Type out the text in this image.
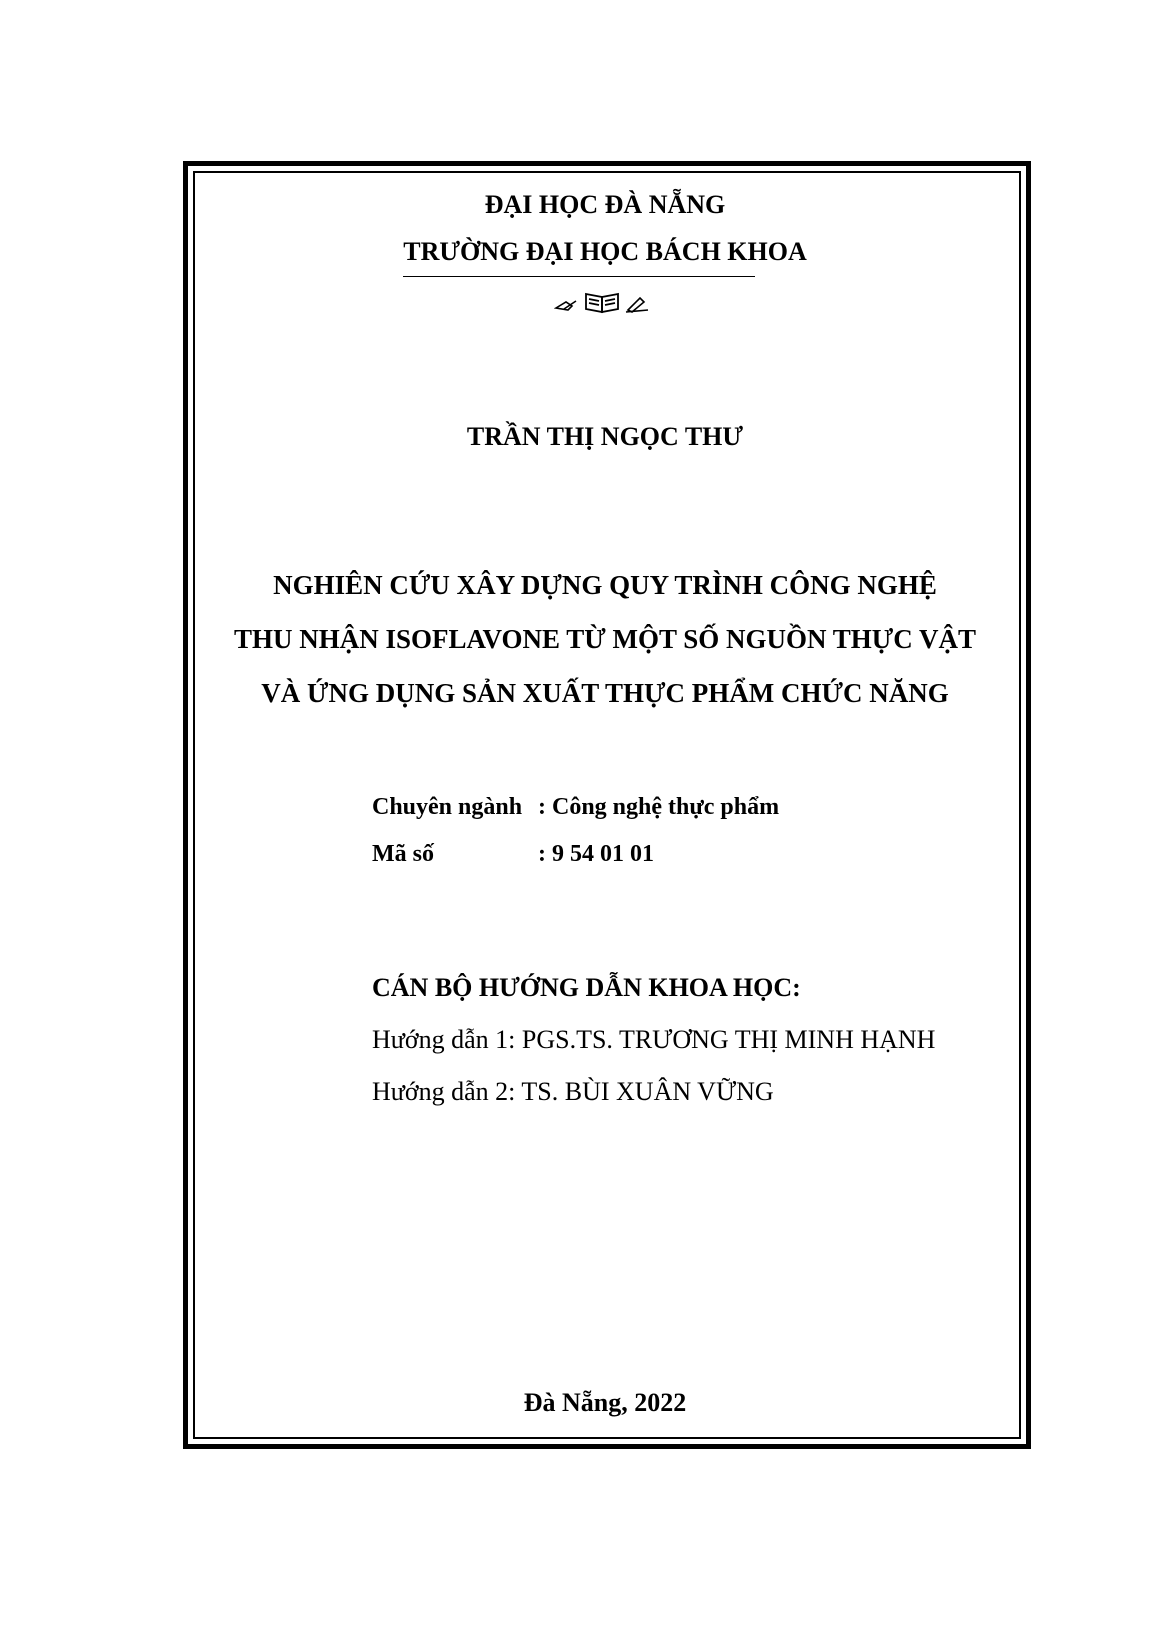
ĐẠI HỌC ĐÀ NẴNG
TRƯỜNG ĐẠI HỌC BÁCH KHOA
TRẦN THỊ NGỌC THƯ
NGHIÊN CỨU XÂY DỰNG QUY TRÌNH CÔNG NGHỆ
THU NHẬN ISOFLAVONE TỪ MỘT SỐ NGUỒN THỰC VẬT
VÀ ỨNG DỤNG SẢN XUẤT THỰC PHẨM CHỨC NĂNG
Chuyên ngành : Công nghệ thực phẩm
Mã số	: 9 54 01 01
CÁN BỘ HƯỚNG DẪN KHOA HỌC:
Hướng dẫn 1: PGS.TS. TRƯƠNG THỊ MINH HẠNH
Hướng dẫn 2: TS. BÙI XUÂN VỮNG
Đà Nẵng, 2022
